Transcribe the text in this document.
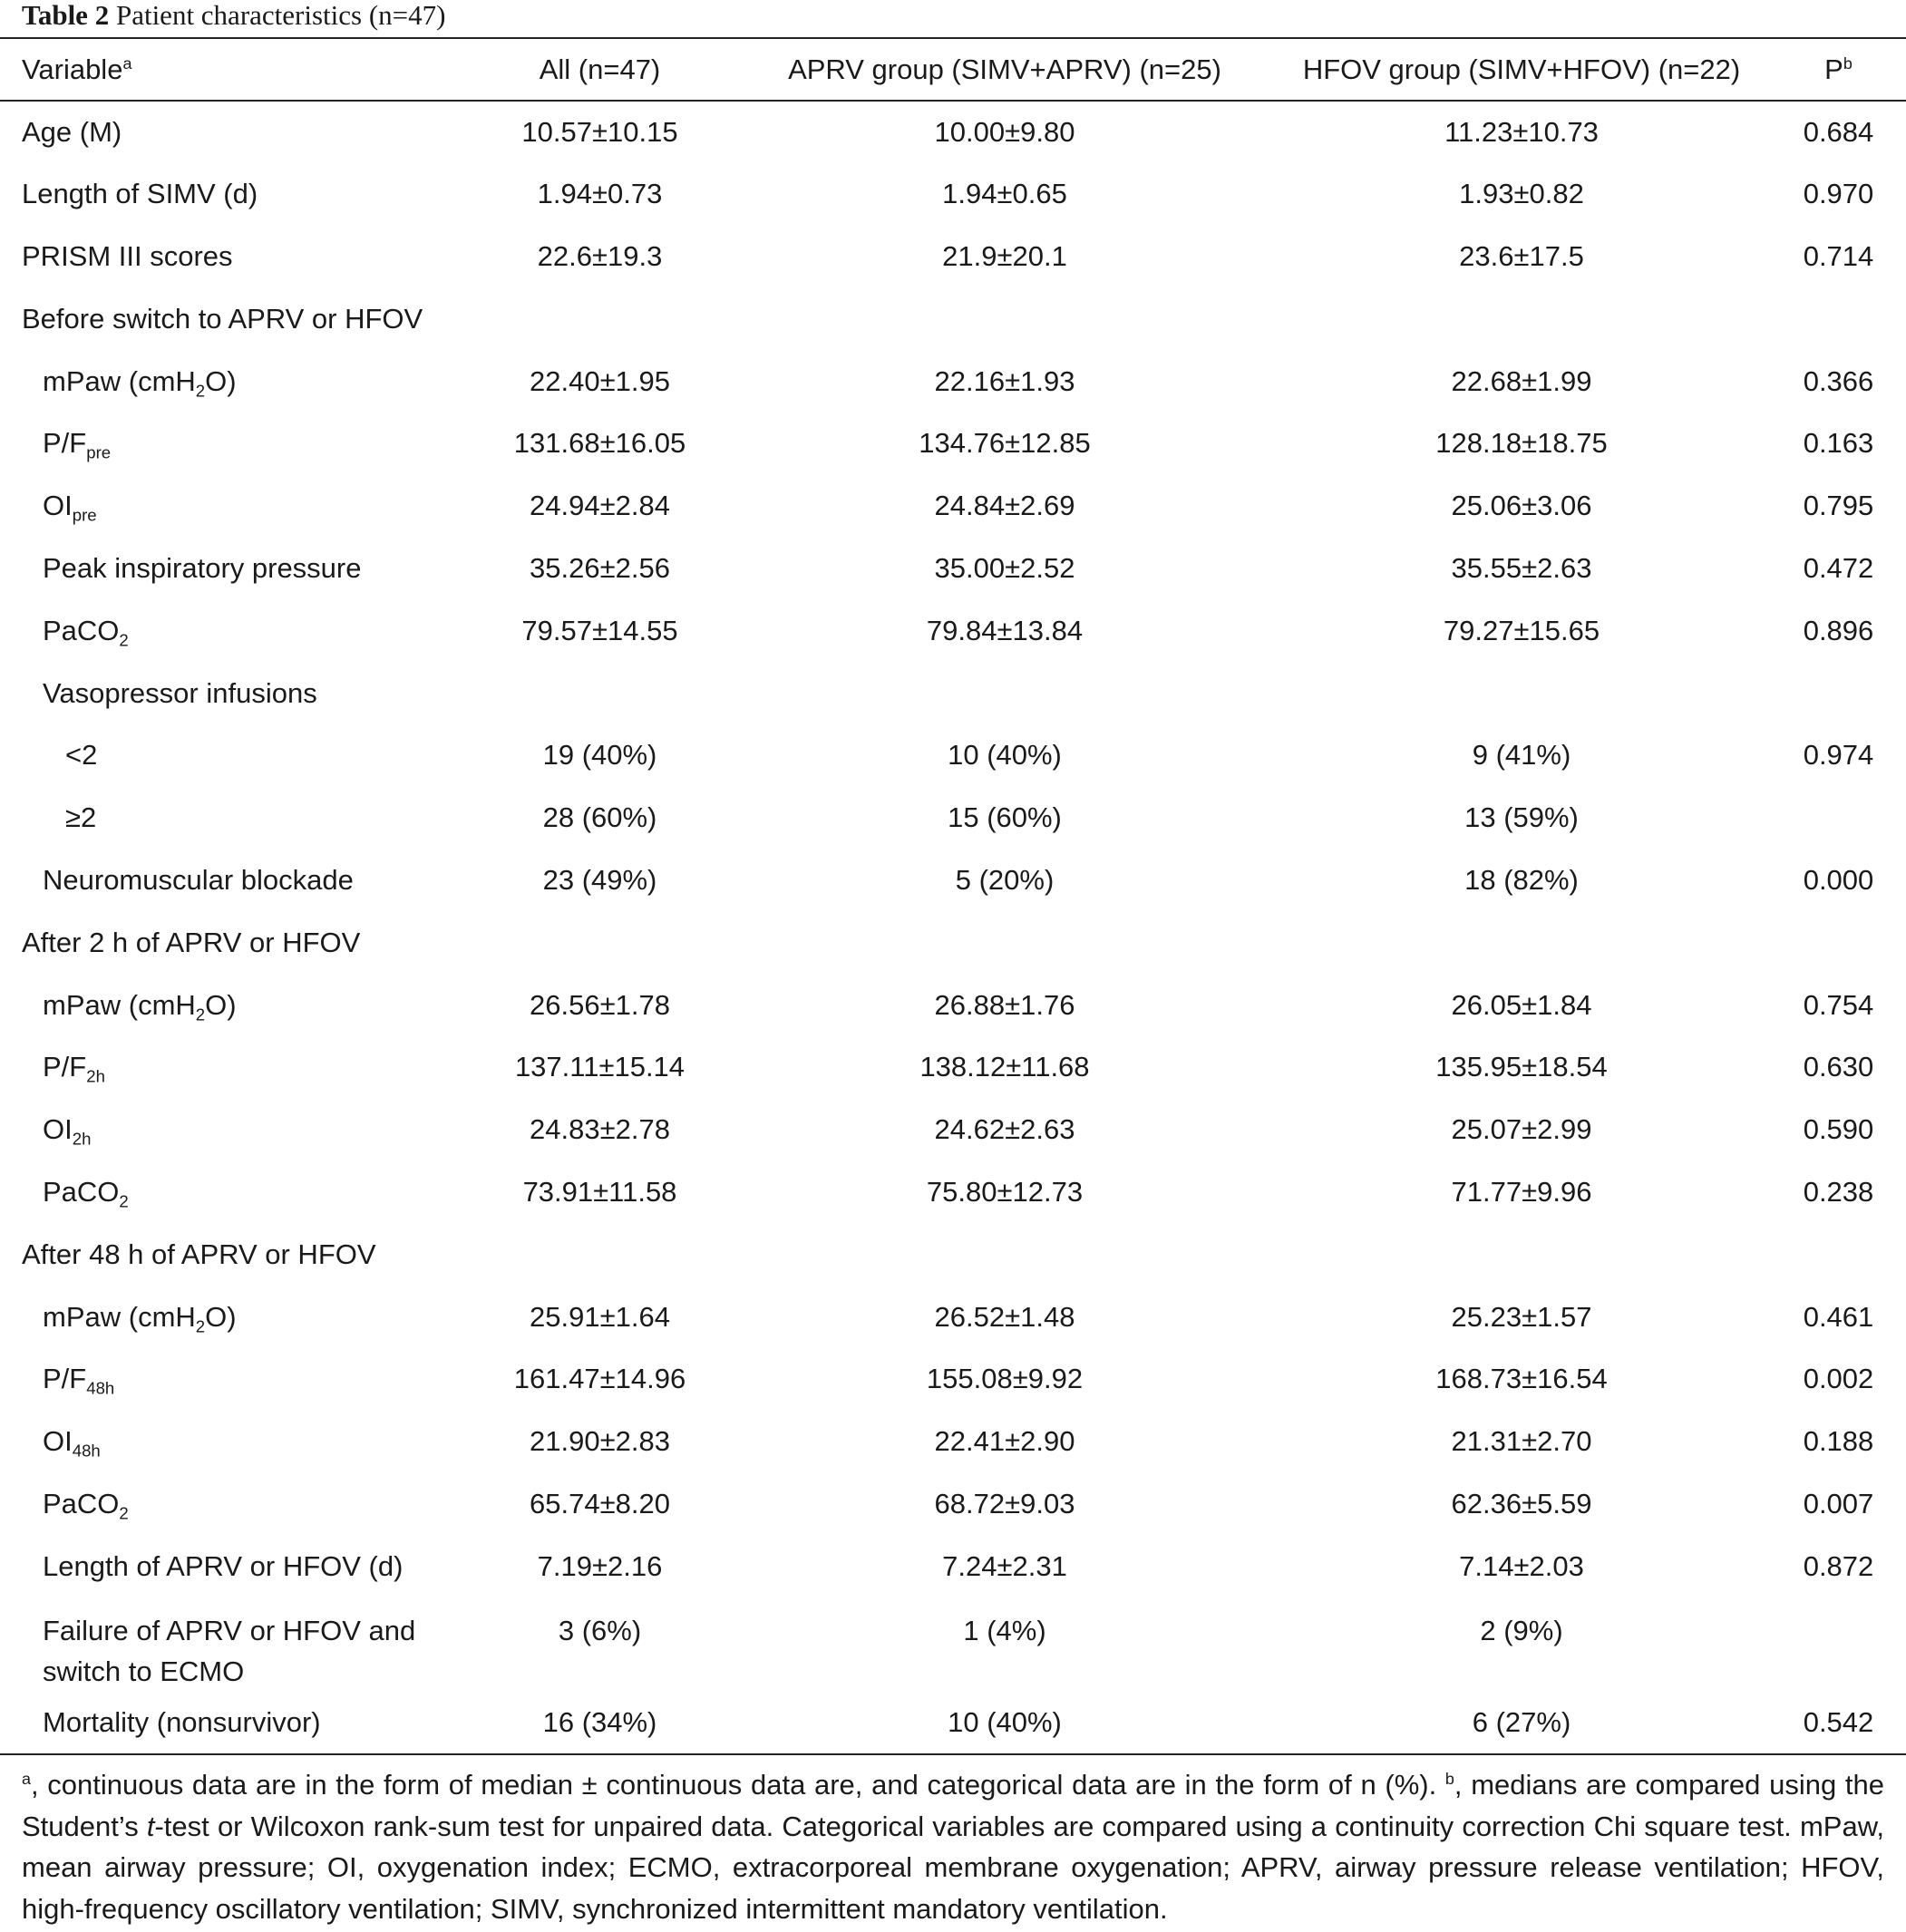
Table 2 Patient characteristics (n=47)
Variable$^a$	All (n=47)	APRV group (SIMV+APRV) (n=25)	HFOV group (SIMV+HFOV) (n=22)	$P^b$
Age (M)	10.57±10.15	10.00±9.80	11.23±10.73	0.684
Length of SIMV (d)	1.94±0.73	1.94±0.65	1.93±0.82	0.970
PRISM III scores	22.6±19.3	21.9±20.1	23.6±17.5	0.714
Before switch to APRV or HFOV				
mPaw (cmH$_2$O)	22.40±1.95	22.16±1.93	22.68±1.99	0.366
$P/F_{pre}$	131.68±16.05	134.76±12.85	128.18±18.75	0.163
$OI_{pre}$	24.94±2.84	24.84±2.69	25.06±3.06	0.795
Peak inspiratory pressure	35.26±2.56	35.00±2.52	35.55±2.63	0.472
PaCO$_2$	79.57±14.55	79.84±13.84	79.27±15.65	0.896
Vasopressor infusions				
<2	19 (40%)	10 (40%)	9 (41%)	0.974
≥2	28 (60%)	15 (60%)	13 (59%)	
Neuromuscular blockade	23 (49%)	5 (20%)	18 (82%)	0.000
After 2 h of APRV or HFOV				
mPaw (cmH$_2$O)	26.56±1.78	26.88±1.76	26.05±1.84	0.754
$P/F_{2h}$	137.11±15.14	138.12±11.68	135.95±18.54	0.630
$OI_{2h}$	24.83±2.78	24.62±2.63	25.07±2.99	0.590
PaCO$_2$	73.91±11.58	75.80±12.73	71.77±9.96	0.238
After 48 h of APRV or HFOV				
mPaw (cmH$_2$O)	25.91±1.64	26.52±1.48	25.23±1.57	0.461
$P/F_{48h}$	161.47±14.96	155.08±9.92	168.73±16.54	0.002
$OI_{48h}$	21.90±2.83	22.41±2.90	21.31±2.70	0.188
PaCO$_2$	65.74±8.20	68.72±9.03	62.36±5.59	0.007
Length of APRV or HFOV (d)	7.19±2.16	7.24±2.31	7.14±2.03	0.872
Failure of APRV or HFOV and
switch to ECMO	3 (6%)	1 (4%)	2 (9%)	
Mortality (nonsurvivor)	16 (34%)	10 (40%)	6 (27%)	0.542
$^a$, continuous data are in the form of median ± continuous data are, and categorical data are in the form of n (%). $^b$, medians are compared using the Student’s t-test or Wilcoxon rank-sum test for unpaired data. Categorical variables are compared using a continuity correction Chi square test. mPaw, mean airway pressure; OI, oxygenation index; ECMO, extracorporeal membrane oxygenation; APRV, airway pressure release ventilation; HFOV, high-frequency oscillatory ventilation; SIMV, synchronized intermittent mandatory ventilation.
